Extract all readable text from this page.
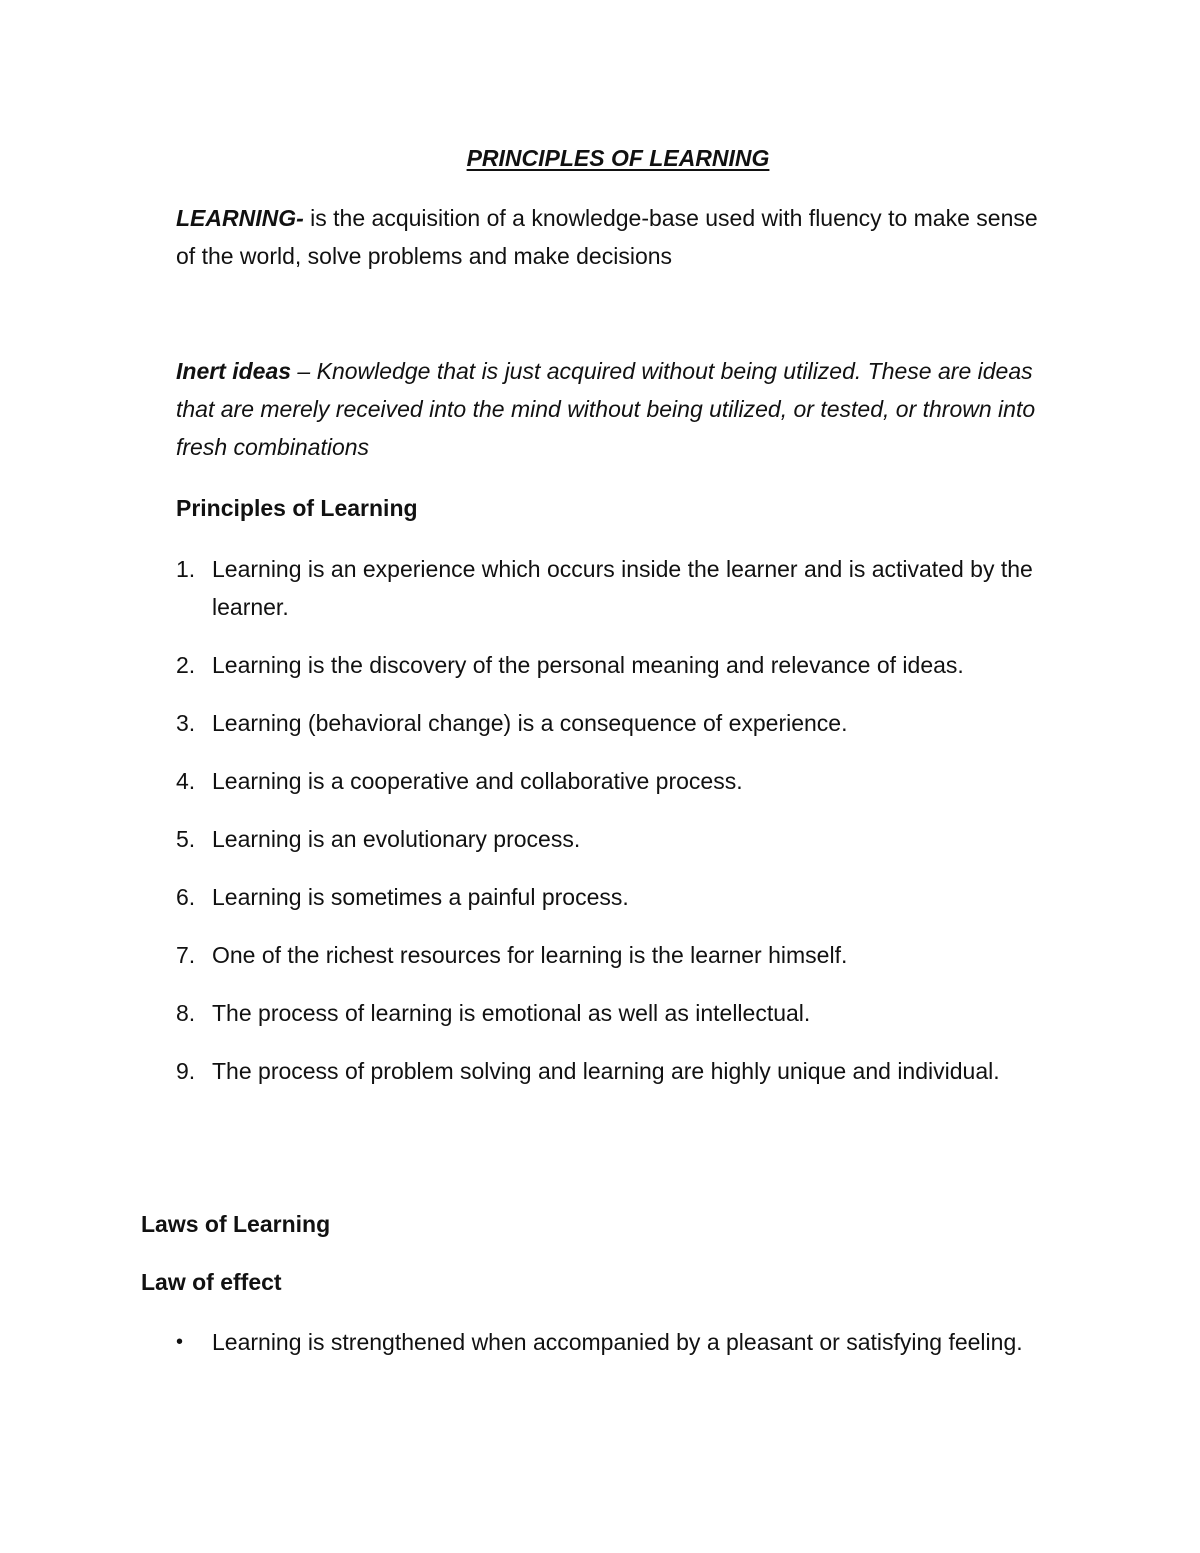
PRINCIPLES OF LEARNING
LEARNING- is the acquisition of a knowledge-base used with fluency to make sense of the world, solve problems and make decisions
Inert ideas – Knowledge that is just acquired without being utilized. These are ideas that are merely received into the mind without being utilized, or tested, or thrown into fresh combinations
Principles of Learning
1. Learning is an experience which occurs inside the learner and is activated by the learner.
2. Learning is the discovery of the personal meaning and relevance of ideas.
3. Learning (behavioral change) is a consequence of experience.
4. Learning is a cooperative and collaborative process.
5. Learning is an evolutionary process.
6. Learning is sometimes a painful process.
7. One of the richest resources for learning is the learner himself.
8. The process of learning is emotional as well as intellectual.
9. The process of problem solving and learning are highly unique and individual.
Laws of Learning
Law of effect
• Learning is strengthened when accompanied by a pleasant or satisfying feeling.
